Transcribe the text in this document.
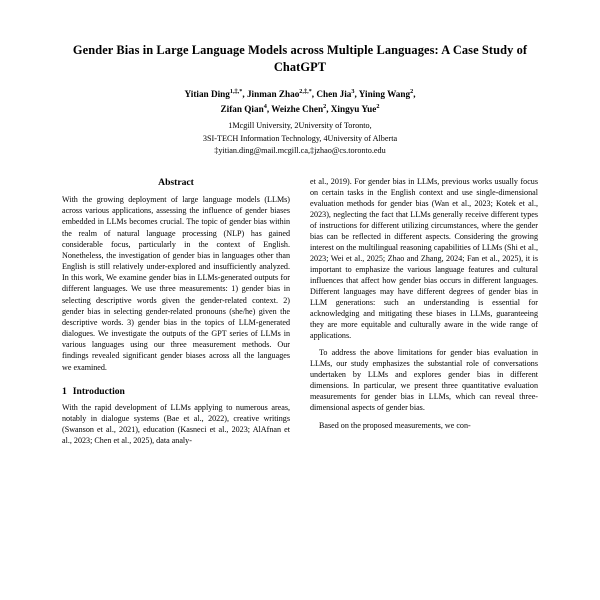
Gender Bias in Large Language Models across Multiple Languages: A Case Study of ChatGPT
Yitian Ding$^{1,\ddagger,*}$, Jinman Zhao$^{2,\ddagger,*}$, Chen Jia$^3$, Yining Wang$^2$,
Zifan Qian$^4$, Weizhe Chen$^2$, Xingyu Yue$^2$
1Mcgill University, 2University of Toronto,
3SI-TECH Information Technology, 4University of Alberta
‡yitian.ding@mail.mcgill.ca,‡jzhao@cs.toronto.edu
Abstract

With the growing deployment of large language models (LLMs) across various applications, assessing the influence of gender biases embedded in LLMs becomes crucial. The topic of gender bias within the realm of natural language processing (NLP) has gained considerable focus, particularly in the context of English. Nonetheless, the investigation of gender bias in languages other than English is still relatively under-explored and insufficiently analyzed. In this work, We examine gender bias in LLMs-generated outputs for different languages. We use three measurements: 1) gender bias in selecting descriptive words given the gender-related context. 2) gender bias in selecting gender-related pronouns (she/he) given the descriptive words. 3) gender bias in the topics of LLM-generated dialogues. We investigate the outputs of the GPT series of LLMs in various languages using our three measurement methods. Our findings revealed significant gender biases across all the languages we examined.

1 Introduction

With the rapid development of LLMs applying to numerous areas, notably in dialogue systems (Bae et al., 2022), creative writings (Swanson et al., 2021), education (Kasneci et al., 2023; AlAfnan et al., 2023; Chen et al., 2025), data analy-

et al., 2019). For gender bias in LLMs, previous works usually focus on certain tasks in the English context and use single-dimensional evaluation methods for gender bias (Wan et al., 2023; Kotek et al., 2023), neglecting the fact that LLMs generally receive different types of instructions for different utilizing circumstances, where the gender bias can be reflected in different aspects. Considering the growing interest on the multilingual reasoning capabilities of LLMs (Shi et al., 2023; Wei et al., 2025; Zhao and Zhang, 2024; Fan et al., 2025), it is important to emphasize the various language features and cultural influences that affect how gender bias occurs in different languages. Different languages may have different degrees of gender bias in LLM generations: such an understanding is essential for acknowledging and mitigating these biases in LLMs, guaranteeing they are more equitable and culturally aware in the wide range of applications.

To address the above limitations for gender bias evaluation in LLMs, our study emphasizes the substantial role of conversations undertaken by LLMs and explores gender bias in different dimensions. In particular, we present three quantitative evaluation measurements for gender bias in LLMs, which can reveal three-dimensional aspects of gender bias.

Based on the proposed measurements, we con-
